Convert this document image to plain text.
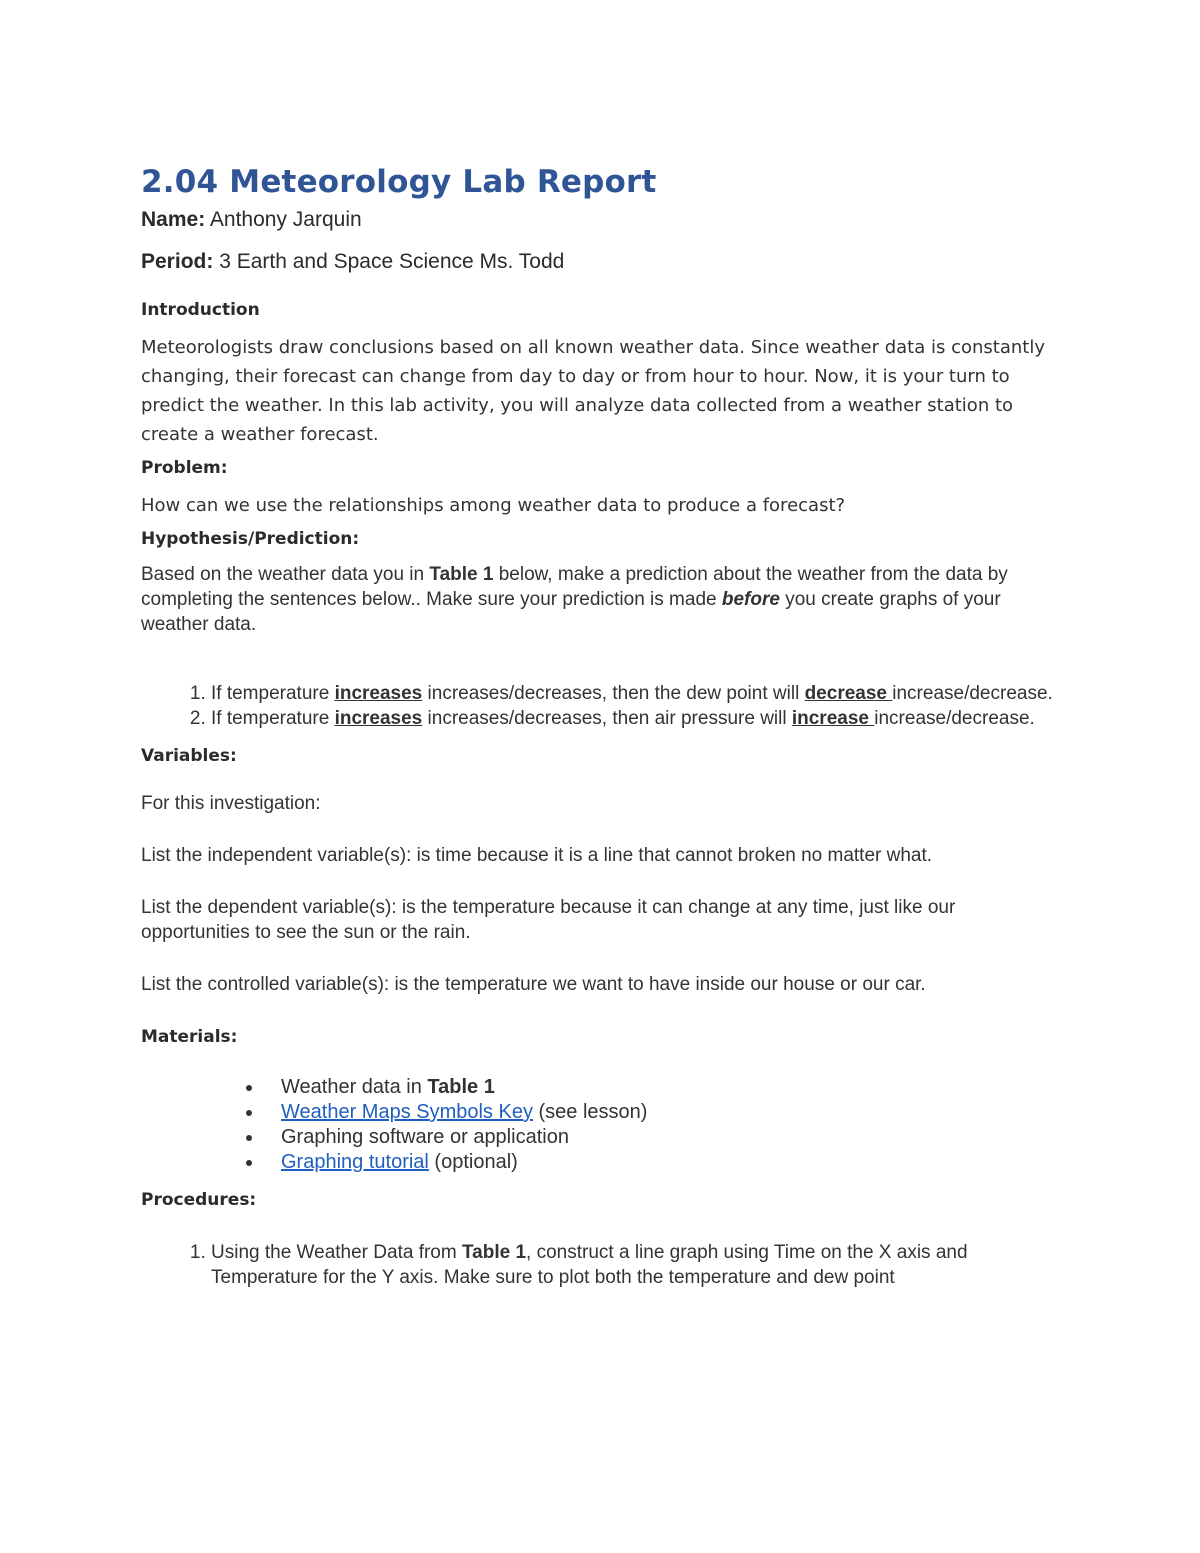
2.04 Meteorology Lab Report

Name: Anthony Jarquin

Period: 3 Earth and Space Science Ms. Todd

Introduction

Meteorologists draw conclusions based on all known weather data. Since weather data is constantly changing, their forecast can change from day to day or from hour to hour. Now, it is your turn to predict the weather. In this lab activity, you will analyze data collected from a weather station to create a weather forecast.

Problem:

How can we use the relationships among weather data to produce a forecast?

Hypothesis/Prediction:

Based on the weather data you in Table 1 below, make a prediction about the weather from the data by completing the sentences below.. Make sure your prediction is made before you create graphs of your weather data.

1. If temperature increases increases/decreases, then the dew point will decrease increase/decrease.
2. If temperature increases increases/decreases, then air pressure will increase increase/decrease.
Variables:

For this investigation:

List the independent variable(s): is time because it is a line that cannot broken no matter what.

List the dependent variable(s): is the temperature because it can change at any time, just like our opportunities to see the sun or the rain.

List the controlled variable(s): is the temperature we want to have inside our house or our car.

Materials:
Weather data in Table 1
Weather Maps Symbols Key (see lesson)
Graphing software or application
Graphing tutorial (optional)
Procedures:
1. Using the Weather Data from Table 1, construct a line graph using Time on the X axis and Temperature for the Y axis. Make sure to plot both the temperature and dew point
